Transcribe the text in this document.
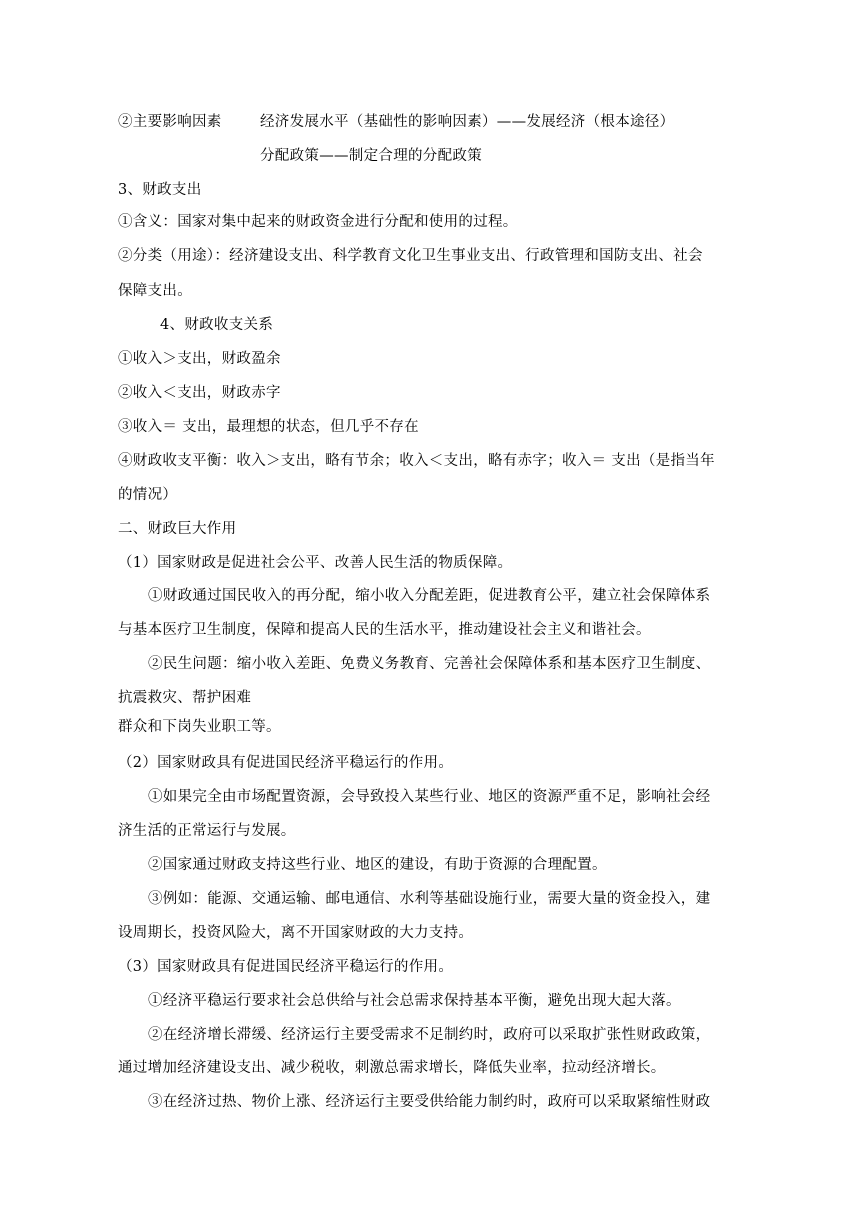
②主要影响因素	经济发展水平（基础性的影响因素）——发展经济（根本途径）
分配政策——制定合理的分配政策
3、财政支出
①含义：国家对集中起来的财政资金进行分配和使用的过程。
②分类（用途）：经济建设支出、科学教育文化卫生事业支出、行政管理和国防支出、社会
保障支出。
4、财政收支关系
①收入＞支出，财政盈余
②收入＜支出，财政赤字
③收入＝ 支出，最理想的状态，但几乎不存在
④财政收支平衡：收入＞支出，略有节余；收入＜支出，略有赤字；收入＝ 支出（是指当年
的情况）
二、财政巨大作用
（1）国家财政是促进社会公平、改善人民生活的物质保障。
①财政通过国民收入的再分配，缩小收入分配差距，促进教育公平，建立社会保障体系
与基本医疗卫生制度，保障和提高人民的生活水平，推动建设社会主义和谐社会。
②民生问题：缩小收入差距、免费义务教育、完善社会保障体系和基本医疗卫生制度、
抗震救灾、帮护困难
群众和下岗失业职工等。
（2）国家财政具有促进国民经济平稳运行的作用。
①如果完全由市场配置资源，会导致投入某些行业、地区的资源严重不足，影响社会经
济生活的正常运行与发展。
②国家通过财政支持这些行业、地区的建设，有助于资源的合理配置。
③例如：能源、交通运输、邮电通信、水利等基础设施行业，需要大量的资金投入，建
设周期长，投资风险大，离不开国家财政的大力支持。
（3）国家财政具有促进国民经济平稳运行的作用。
①经济平稳运行要求社会总供给与社会总需求保持基本平衡，避免出现大起大落。
②在经济增长滞缓、经济运行主要受需求不足制约时，政府可以采取扩张性财政政策，
通过增加经济建设支出、减少税收，刺激总需求增长，降低失业率，拉动经济增长。
③在经济过热、物价上涨、经济运行主要受供给能力制约时，政府可以采取紧缩性财政
